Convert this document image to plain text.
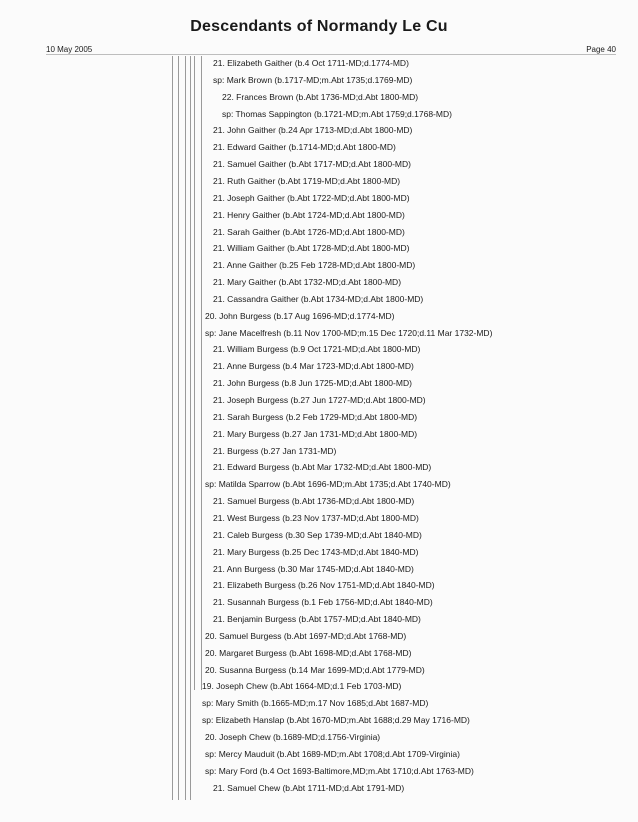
Descendants of Normandy Le Cu
10 May 2005	Page 40
21. Elizabeth Gaither (b.4 Oct 1711-MD;d.1774-MD)
sp: Mark Brown (b.1717-MD;m.Abt 1735;d.1769-MD)
22. Frances Brown (b.Abt 1736-MD;d.Abt 1800-MD)
sp: Thomas Sappington (b.1721-MD;m.Abt 1759;d.1768-MD)
21. John Gaither (b.24 Apr 1713-MD;d.Abt 1800-MD)
21. Edward Gaither (b.1714-MD;d.Abt 1800-MD)
21. Samuel Gaither (b.Abt 1717-MD;d.Abt 1800-MD)
21. Ruth Gaither (b.Abt 1719-MD;d.Abt 1800-MD)
21. Joseph Gaither (b.Abt 1722-MD;d.Abt 1800-MD)
21. Henry Gaither (b.Abt 1724-MD;d.Abt 1800-MD)
21. Sarah Gaither (b.Abt 1726-MD;d.Abt 1800-MD)
21. William Gaither (b.Abt 1728-MD;d.Abt 1800-MD)
21. Anne Gaither (b.25 Feb 1728-MD;d.Abt 1800-MD)
21. Mary Gaither (b.Abt 1732-MD;d.Abt 1800-MD)
21. Cassandra Gaither (b.Abt 1734-MD;d.Abt 1800-MD)
20. John Burgess (b.17 Aug 1696-MD;d.1774-MD)
sp: Jane Macelfresh (b.11 Nov 1700-MD;m.15 Dec 1720;d.11 Mar 1732-MD)
21. William Burgess (b.9 Oct 1721-MD;d.Abt 1800-MD)
21. Anne Burgess (b.4 Mar 1723-MD;d.Abt 1800-MD)
21. John Burgess (b.8 Jun 1725-MD;d.Abt 1800-MD)
21. Joseph Burgess (b.27 Jun 1727-MD;d.Abt 1800-MD)
21. Sarah Burgess (b.2 Feb 1729-MD;d.Abt 1800-MD)
21. Mary Burgess (b.27 Jan 1731-MD;d.Abt 1800-MD)
21. Burgess (b.27 Jan 1731-MD)
21. Edward Burgess (b.Abt Mar 1732-MD;d.Abt 1800-MD)
sp: Matilda Sparrow (b.Abt 1696-MD;m.Abt 1735;d.Abt 1740-MD)
21. Samuel Burgess (b.Abt 1736-MD;d.Abt 1800-MD)
21. West Burgess (b.23 Nov 1737-MD;d.Abt 1800-MD)
21. Caleb Burgess (b.30 Sep 1739-MD;d.Abt 1840-MD)
21. Mary Burgess (b.25 Dec 1743-MD;d.Abt 1840-MD)
21. Ann Burgess (b.30 Mar 1745-MD;d.Abt 1840-MD)
21. Elizabeth Burgess (b.26 Nov 1751-MD;d.Abt 1840-MD)
21. Susannah Burgess (b.1 Feb 1756-MD;d.Abt 1840-MD)
21. Benjamin Burgess (b.Abt 1757-MD;d.Abt 1840-MD)
20. Samuel Burgess (b.Abt 1697-MD;d.Abt 1768-MD)
20. Margaret Burgess (b.Abt 1698-MD;d.Abt 1768-MD)
20. Susanna Burgess (b.14 Mar 1699-MD;d.Abt 1779-MD)
19. Joseph Chew (b.Abt 1664-MD;d.1 Feb 1703-MD)
sp: Mary Smith (b.1665-MD;m.17 Nov 1685;d.Abt 1687-MD)
sp: Elizabeth Hanslap (b.Abt 1670-MD;m.Abt 1688;d.29 May 1716-MD)
20. Joseph Chew (b.1689-MD;d.1756-Virginia)
sp: Mercy Mauduit (b.Abt 1689-MD;m.Abt 1708;d.Abt 1709-Virginia)
sp: Mary Ford (b.4 Oct 1693-Baltimore,MD;m.Abt 1710;d.Abt 1763-MD)
21. Samuel Chew (b.Abt 1711-MD;d.Abt 1791-MD)
